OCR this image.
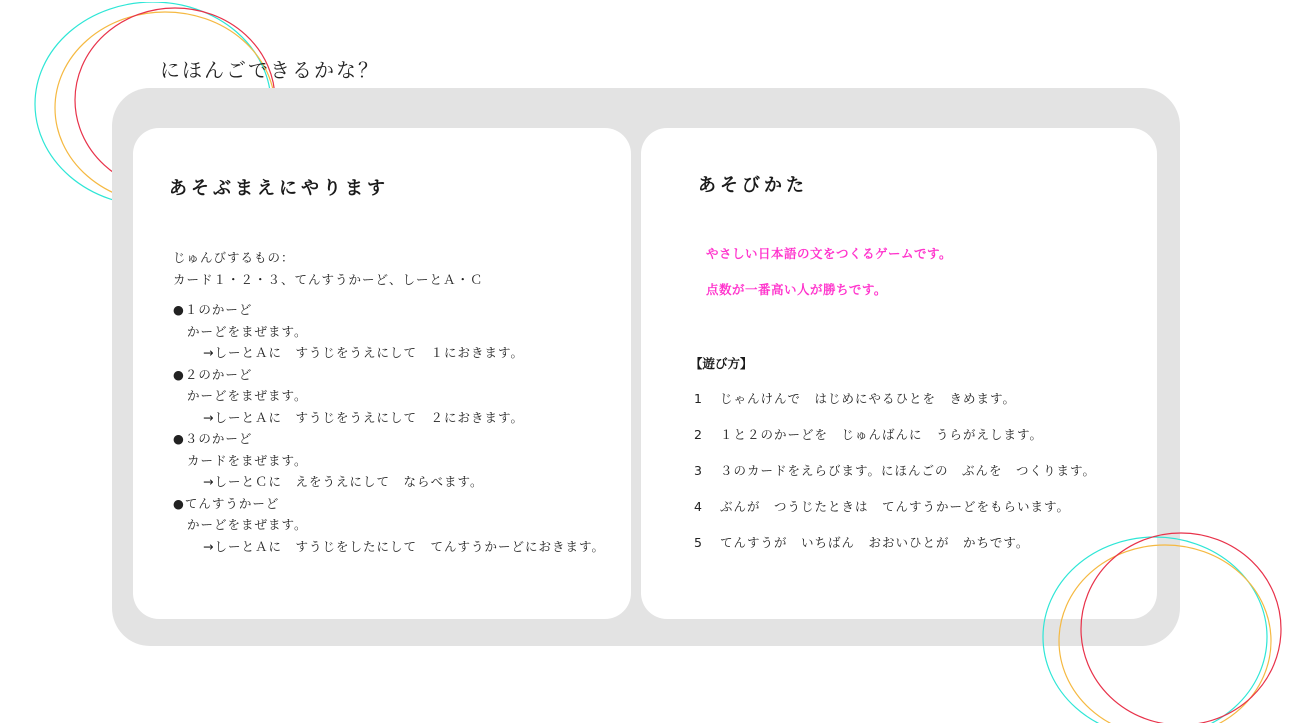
にほんごできるかな？
あそぶまえにやります
じゅんびするもの：
カード１・２・３、てんすうかーど、しーとＡ・Ｃ
●１のかーど
かーどをまぜます。
→しーとＡに　すうじをうえにして　１におきます。
●２のかーど
かーどをまぜます。
→しーとＡに　すうじをうえにして　２におきます。
●３のかーど
カードをまぜます。
→しーとＣに　えをうえにして　ならべます。
●てんすうかーど
かーどをまぜます。
→しーとＡに　すうじをしたにして　てんすうかーどにおきます。
あそびかた
やさしい日本語の文をつくるゲームです。
点数が一番高い人が勝ちです。
【遊び方】
1 じゃんけんで　はじめにやるひとを　きめます。
2 １と２のかーどを　じゅんばんに　うらがえします。
3 ３のカードをえらびます。にほんごの　ぶんを　つくります。
4 ぶんが　つうじたときは　てんすうかーどをもらいます。
5 てんすうが　いちばん　おおいひとが　かちです。
